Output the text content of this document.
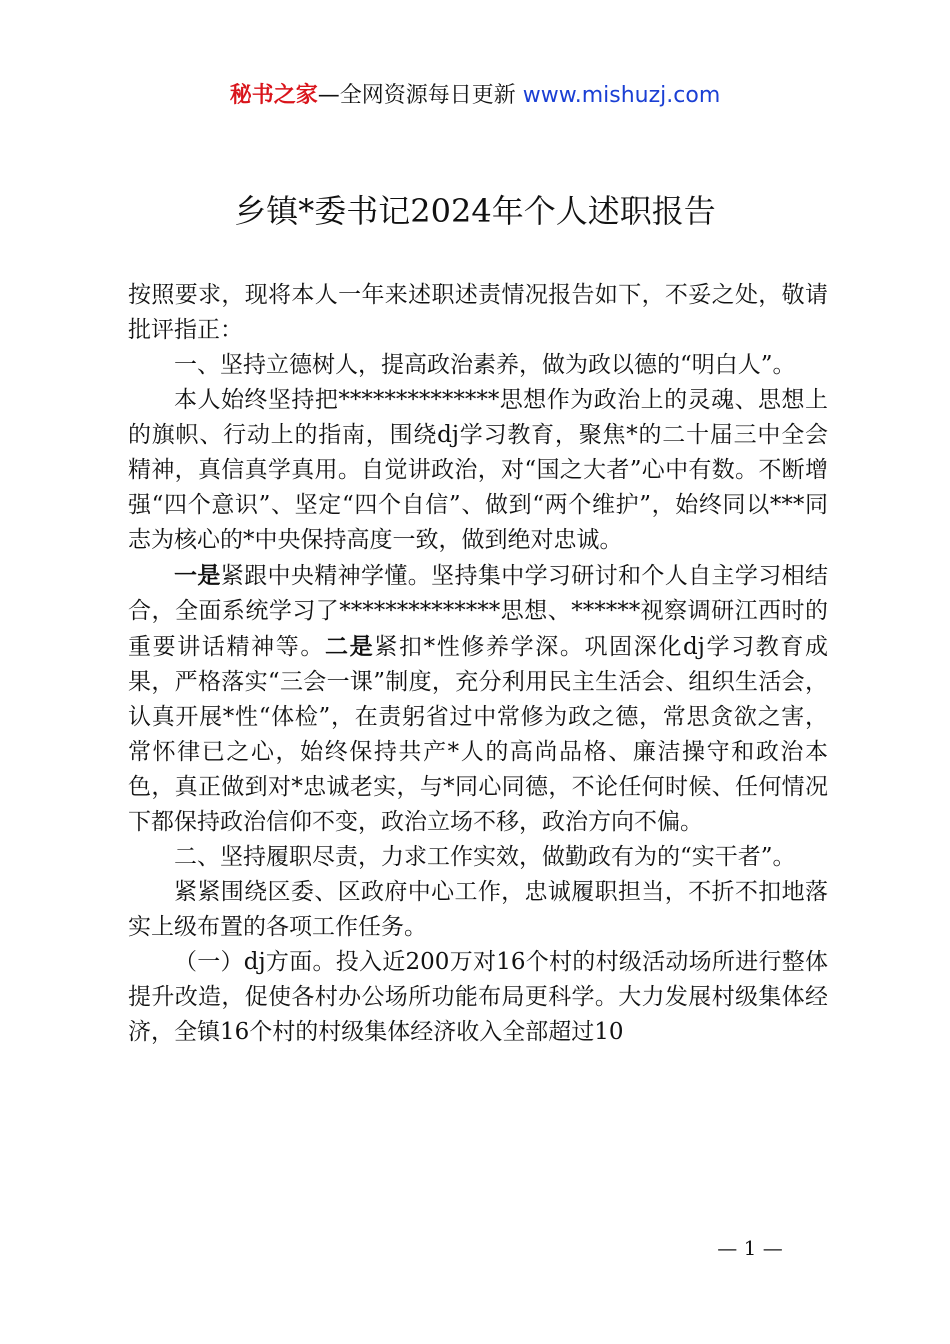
秘书之家—全网资源每日更新 www.mishuzj.com
乡镇*委书记2024年个人述职报告

按照要求，现将本人一年来述职述责情况报告如下，不妥之处，敬请批评指正：

一、坚持立德树人，提高政治素养，做为政以德的“明白人”。

本人始终坚持把**************思想作为政治上的灵魂、思想上的旗帜、行动上的指南，围绕dj学习教育，聚焦*的二十届三中全会精神，真信真学真用。自觉讲政治，对“国之大者”心中有数。不断增强“四个意识”、坚定“四个自信”、做到“两个维护”，始终同以***同志为核心的*中央保持高度一致，做到绝对忠诚。

一是紧跟中央精神学懂。坚持集中学习研讨和个人自主学习相结合，全面系统学习了**************思想、******视察调研江西时的重要讲话精神等。二是紧扣*性修养学深。巩固深化dj学习教育成果，严格落实“三会一课”制度，充分利用民主生活会、组织生活会，认真开展*性“体检”，在责躬省过中常修为政之德，常思贪欲之害，常怀律已之心，始终保持共产*人的高尚品格、廉洁操守和政治本色，真正做到对*忠诚老实，与*同心同德，不论任何时候、任何情况下都保持政治信仰不变，政治立场不移，政治方向不偏。

二、坚持履职尽责，力求工作实效，做勤政有为的“实干者”。

紧紧围绕区委、区政府中心工作，忠诚履职担当，不折不扣地落实上级布置的各项工作任务。

（一）dj方面。投入近200万对16个村的村级活动场所进行整体提升改造，促使各村办公场所功能布局更科学。大力发展村级集体经济，全镇16个村的村级集体经济收入全部超过10

— 1 —
